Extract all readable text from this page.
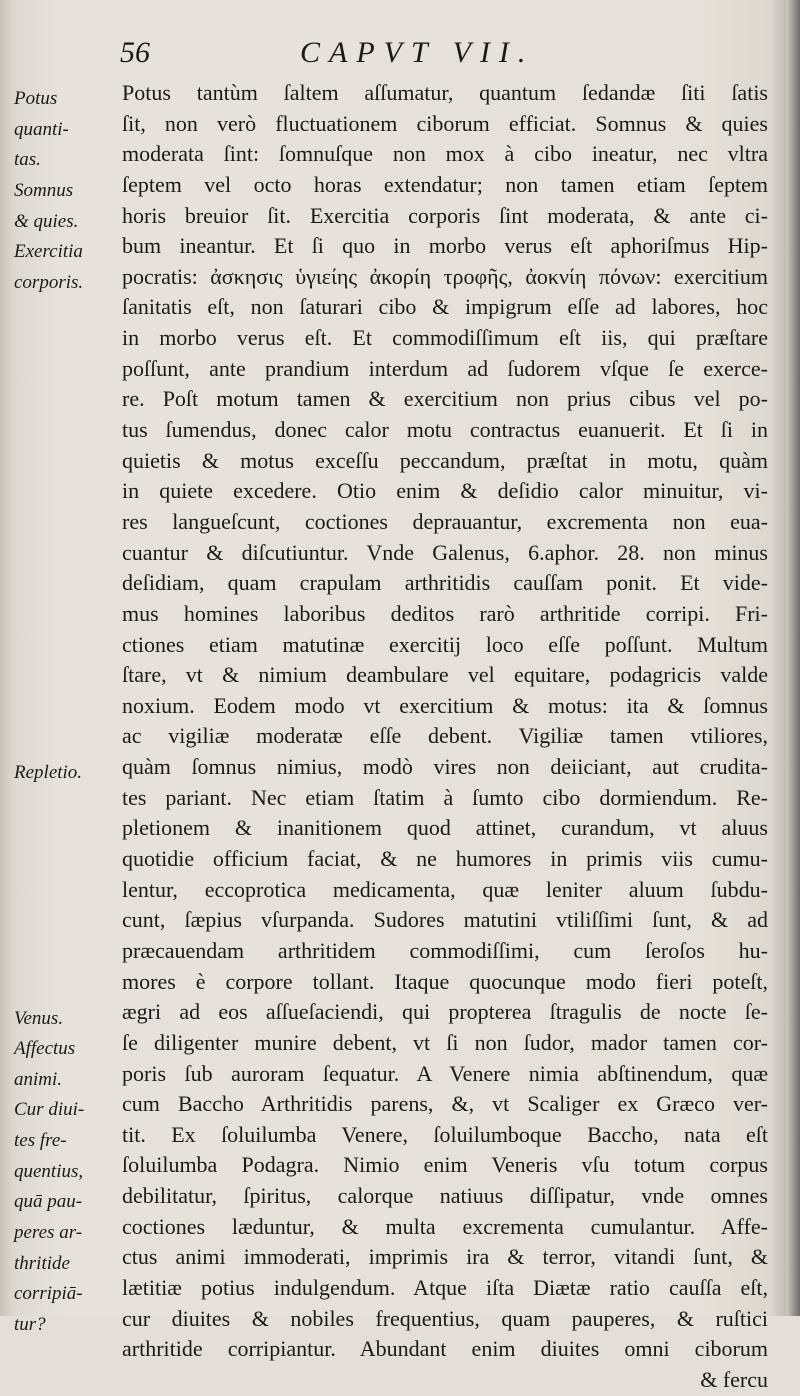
56	CAPVT VII.
Potus
quanti-
tas.
Somnus
& quies.
Exercitia
corporis.
Repletio.
Venus.
Affectus
animi.
Cur diui-
tes fre-
quentius,
quā pau-
peres ar-
thritide
corripiā-
tur?
Potus tantùm ſaltem aſſumatur, quantum ſedandæ ſiti ſatis
ſit, non verò fluctuationem ciborum efficiat. Somnus & quies
moderata ſint: ſomnuſque non mox à cibo ineatur, nec vltra
ſeptem vel octo horas extendatur; non tamen etiam ſeptem
horis breuior ſit. Exercitia corporis ſint moderata, & ante ci-
bum ineantur. Et ſi quo in morbo verus eſt aphoriſmus Hip-
pocratis: ἀσκησις ὑγιείης ἀκορίη τροφῆς, ἀοκνίη πόνων: exercitium
ſanitatis eſt, non ſaturari cibo & impigrum eſſe ad labores, hoc
in morbo verus eſt. Et commodiſſimum eſt iis, qui præſtare
poſſunt, ante prandium interdum ad ſudorem vſque ſe exerce-
re. Poſt motum tamen & exercitium non prius cibus vel po-
tus ſumendus, donec calor motu contractus euanuerit. Et ſi in
quietis & motus exceſſu peccandum, præſtat in motu, quàm
in quiete excedere. Otio enim & deſidio calor minuitur, vi-
res langueſcunt, coctiones deprauantur, excrementa non eua-
cuantur & diſcutiuntur. Vnde Galenus, 6.aphor. 28. non minus
deſidiam, quam crapulam arthritidis cauſſam ponit. Et vide-
mus homines laboribus deditos rarò arthritide corripi. Fri-
ctiones etiam matutinæ exercitij loco eſſe poſſunt. Multum
ſtare, vt & nimium deambulare vel equitare, podagricis valde
noxium. Eodem modo vt exercitium & motus: ita & ſomnus
ac vigiliæ moderatæ eſſe debent. Vigiliæ tamen vtiliores,
quàm ſomnus nimius, modò vires non deiiciant, aut crudita-
tes pariant. Nec etiam ſtatim à ſumto cibo dormiendum. Re-
pletionem & inanitionem quod attinet, curandum, vt aluus
quotidie officium faciat, & ne humores in primis viis cumu-
lentur, eccoprotica medicamenta, quæ leniter aluum ſubdu-
cunt, ſæpius vſurpanda. Sudores matutini vtiliſſimi ſunt, & ad
præcauendam arthritidem commodiſſimi, cum ſeroſos hu-
mores è corpore tollant. Itaque quocunque modo fieri poteſt,
ægri ad eos aſſueſaciendi, qui propterea ſtragulis de nocte ſe-
ſe diligenter munire debent, vt ſi non ſudor, mador tamen cor-
poris ſub auroram ſequatur. A Venere nimia abſtinendum, quæ
cum Baccho Arthritidis parens, &, vt Scaliger ex Græco ver-
tit. Ex ſoluilumba Venere, ſoluilumboque Baccho, nata eſt
ſoluilumba Podagra. Nimio enim Veneris vſu totum corpus
debilitatur, ſpiritus, calorque natiuus diſſipatur, vnde omnes
coctiones læduntur, & multa excrementa cumulantur. Affe-
ctus animi immoderati, imprimis ira & terror, vitandi ſunt, &
lætitiæ potius indulgendum. Atque iſta Diætæ ratio cauſſa eſt,
cur diuites & nobiles frequentius, quam pauperes, & ruſtici
arthritide corripiantur. Abundant enim diuites omni ciborum
& fercu
